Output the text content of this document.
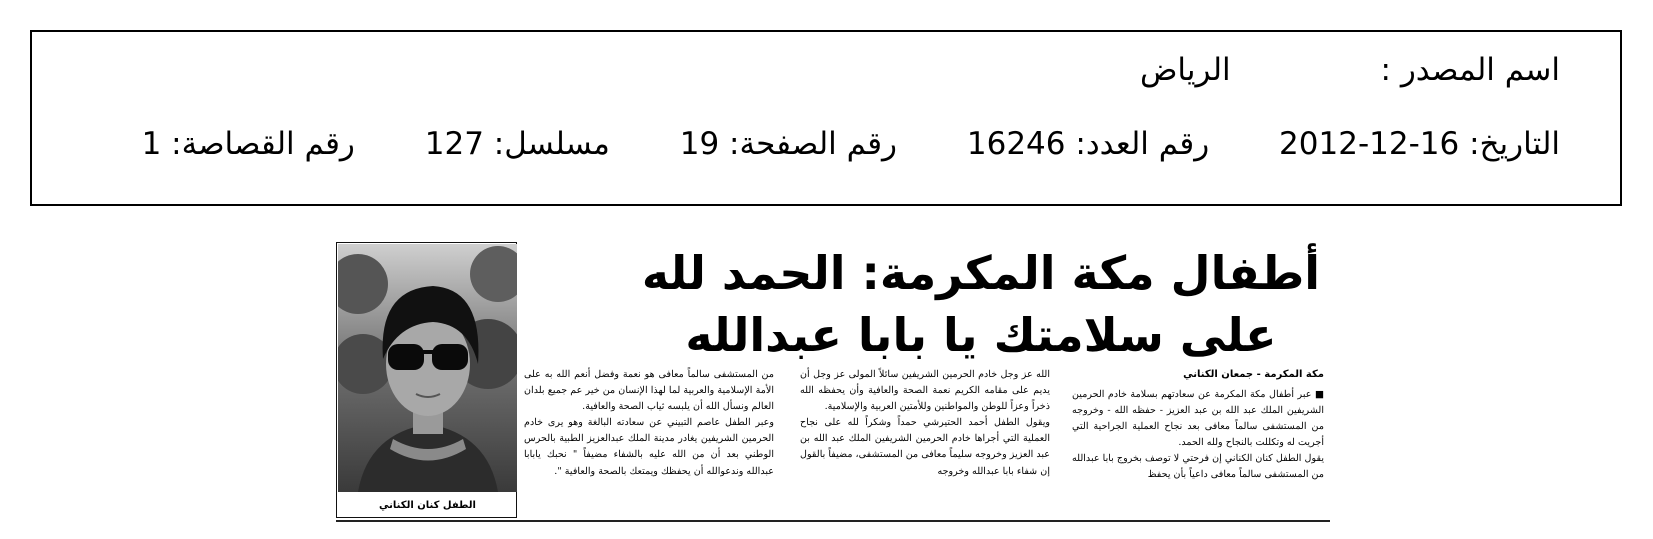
اسم المصدر : الرياض
التاريخ: 16-12-2012 رقم العدد: 16246 رقم الصفحة: 19 مسلسل: 127 رقم القصاصة: 1
الطفل كنان الكناني
أطفال مكة المكرمة: الحمد لله
على سلامتك يا بابا عبدالله
مكة المكرمة - جمعان الكناني

■ عبر أطفال مكة المكرمة عن سعادتهم بسلامة خادم الحرمين الشريفين الملك عبد الله بن عبد العزيز - حفظه الله - وخروجه من المستشفى سالماً معافى بعد نجاح العملية الجراحية التي أجريت له وتكللت بالنجاح ولله الحمد.

يقول الطفل كنان الكناني إن فرحتي لا توصف بخروج بابا عبدالله من المستشفى سالماً معافى داعياً بأن يحفظ

الله عز وجل خادم الحرمين الشريفين سائلاً المولى عز وجل أن يديم على مقامه الكريم نعمة الصحة والعافية وأن يحفظه الله ذخراً وعزاً للوطن والمواطنين وللأمتين العربية والإسلامية.

ويقول الطفل أحمد الحتيرشي حمداً وشكراً لله على نجاح العملية التي أجراها خادم الحرمين الشريفين الملك عبد الله بن عبد العزيز وخروجه سليماً معافى من المستشفى، مضيفاً بالقول إن شفاء بابا عبدالله وخروجه

من المستشفى سالماً معافى هو نعمة وفضل أنعم الله به على الأمة الإسلامية والعربية لما لهذا الإنسان من خير عم جميع بلدان العالم ونسأل الله أن يلبسه ثياب الصحة والعافية.

وعبر الطفل عاصم التبيني عن سعادته البالغة وهو يرى خادم الحرمين الشريفين يغادر مدينة الملك عبدالعزيز الطبية بالحرس الوطني بعد أن من الله عليه بالشفاء مضيفاً " نحبك يابابا عبدالله وندعوالله أن يحفظك ويمتعك بالصحة والعافية ".
